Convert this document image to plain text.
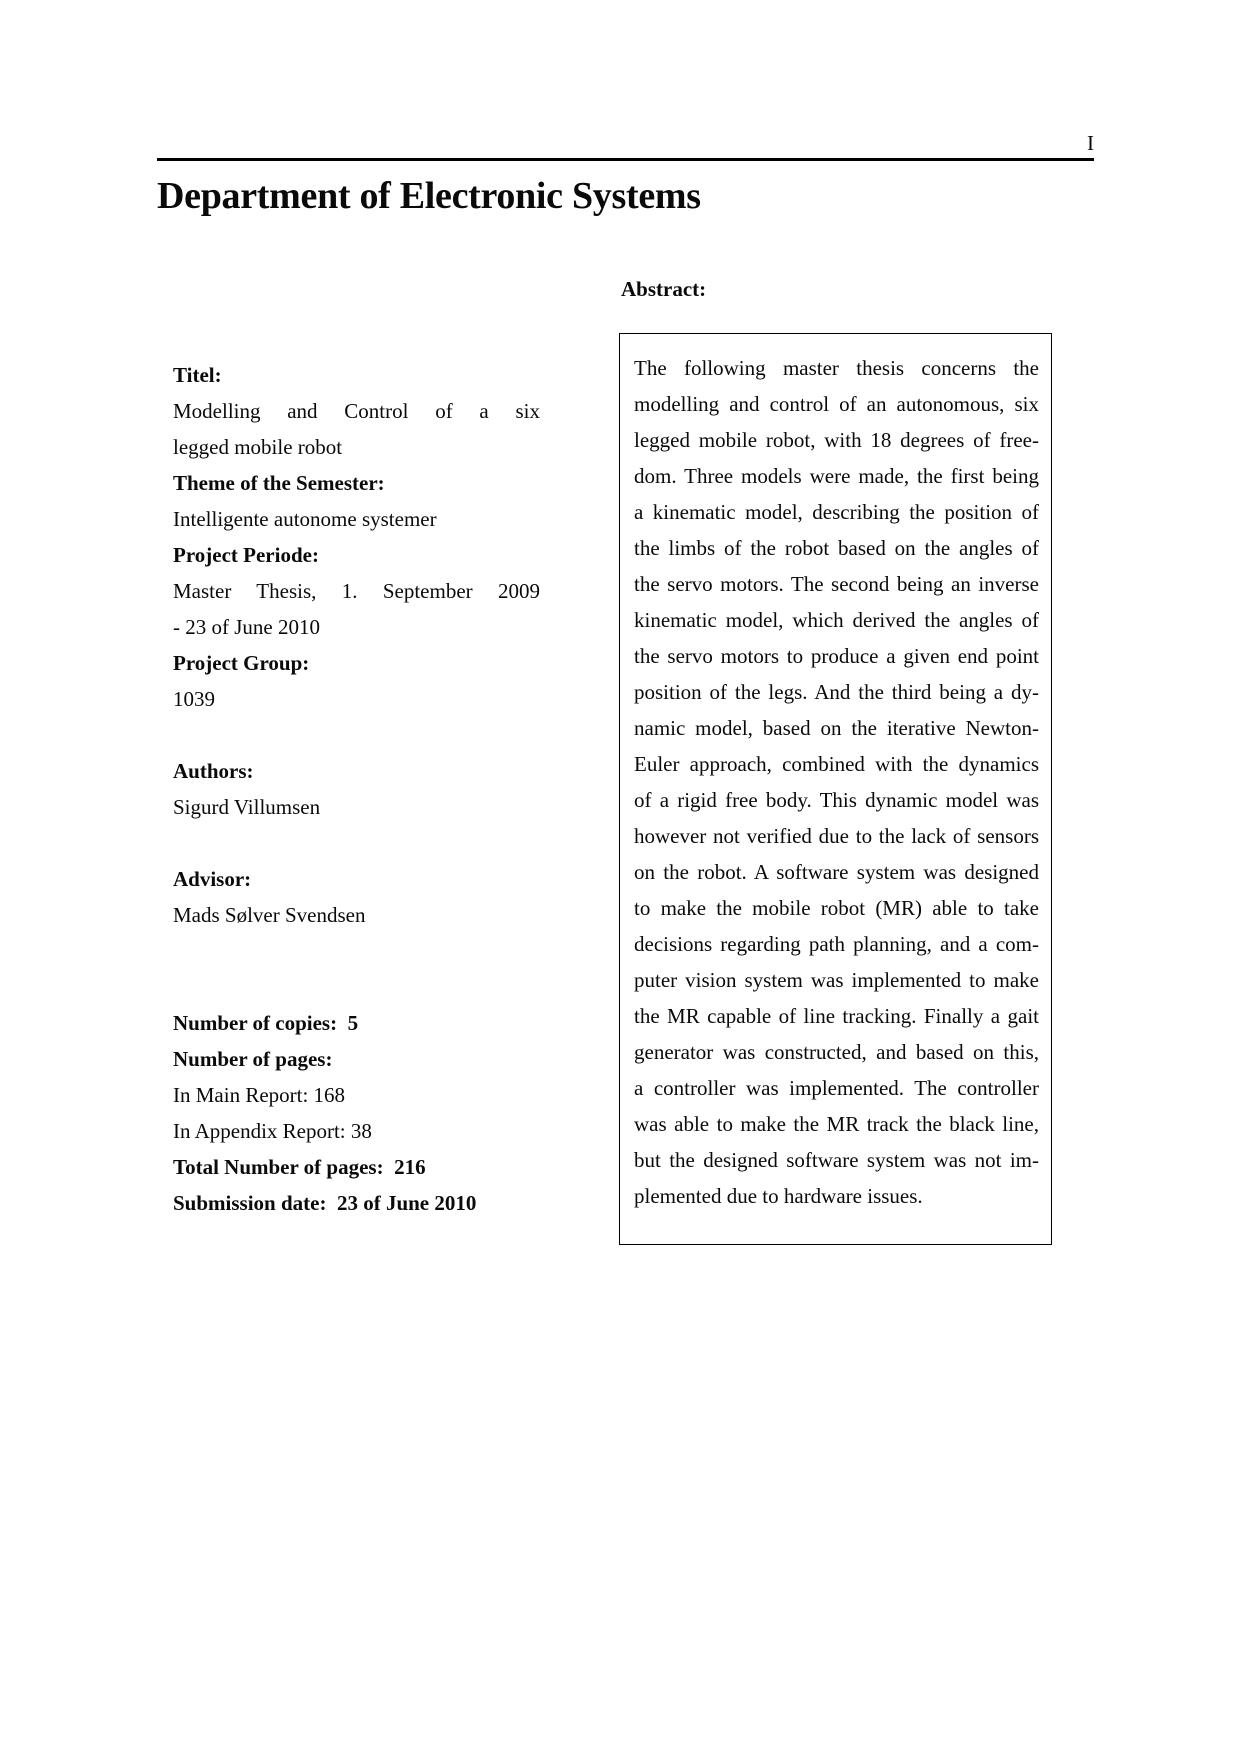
I
Department of Electronic Systems
Abstract:
Titel:
Modelling and Control of a six
legged mobile robot
Theme of the Semester:
Intelligente autonome systemer
Project Periode:
Master Thesis, 1. September 2009
- 23 of June 2010
Project Group:
1039

Authors:
Sigurd Villumsen

Advisor:
Mads Sølver Svendsen

Number of copies:  5
Number of pages:
In Main Report: 168
In Appendix Report: 38
Total Number of pages:  216
Submission date:  23 of June 2010
The following master thesis concerns the
modelling and control of an autonomous, six
legged mobile robot, with 18 degrees of free-
dom. Three models were made, the first being
a kinematic model, describing the position of
the limbs of the robot based on the angles of
the servo motors. The second being an inverse
kinematic model, which derived the angles of
the servo motors to produce a given end point
position of the legs. And the third being a dy-
namic model, based on the iterative Newton-
Euler approach, combined with the dynamics
of a rigid free body. This dynamic model was
however not verified due to the lack of sensors
on the robot. A software system was designed
to make the mobile robot (MR) able to take
decisions regarding path planning, and a com-
puter vision system was implemented to make
the MR capable of line tracking. Finally a gait
generator was constructed, and based on this,
a controller was implemented. The controller
was able to make the MR track the black line,
but the designed software system was not im-
plemented due to hardware issues.
